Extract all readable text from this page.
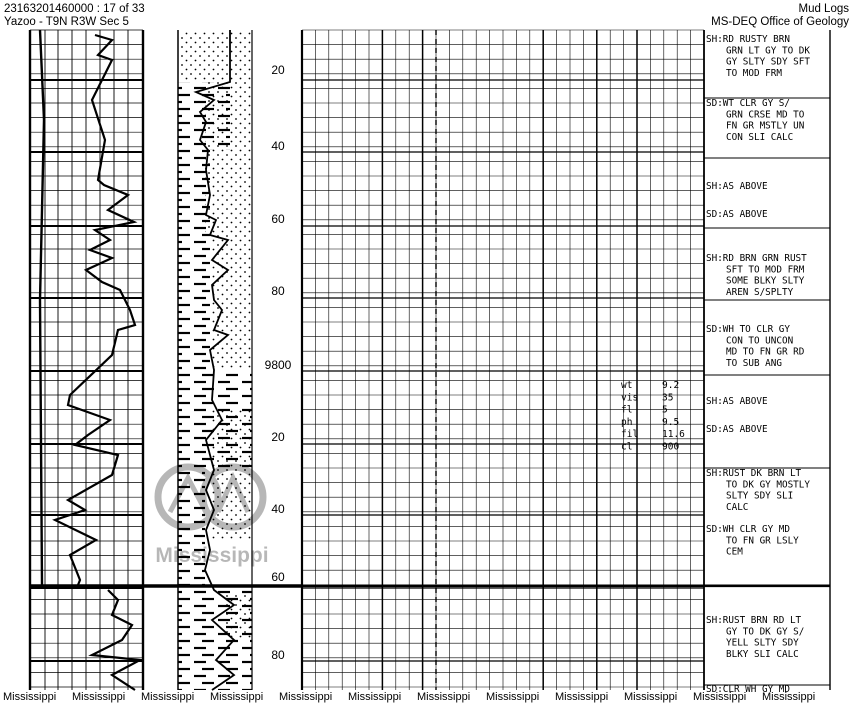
23163201460000 : 17 of 33
Yazoo - T9N R3W Sec 5
Mud Logs
MS-DEQ Office of Geology
Mississippi
20
40
60
80
9800
20
40
60
80
SH:RD RUSTY BRN
GRN LT GY TO DK
GY SLTY SDY SFT
TO MOD FRM
SD:WT CLR GY S/
GRN CRSE MD TO
FN GR MSTLY UN
CON SLI CALC
SH:AS ABOVE
SD:AS ABOVE
SH:RD BRN GRN RUST
SFT TO MOD FRM
SOME BLKY SLTY
AREN S/SPLTY
SD:WH TO CLR GY
CON TO UNCON
MD TO FN GR RD
TO SUB ANG
SH:AS ABOVE
SD:AS ABOVE
SH:RUST DK BRN LT
TO DK GY MOSTLY
SLTY SDY SLI
CALC
SD:WH CLR GY MD
TO FN GR LSLY
CEM
SH:RUST BRN RD LT
GY TO DK GY S/
YELL SLTY SDY
BLKY SLI CALC
SD:CLR WH GY MD
wt	9.2
vis	35
fl	5
ph	9.5
fil	11.6
cl	900
Mississippi Mississippi Mississippi Mississippi Mississippi Mississippi Mississippi Mississippi Mississippi Mississippi Mississippi Mississippi
